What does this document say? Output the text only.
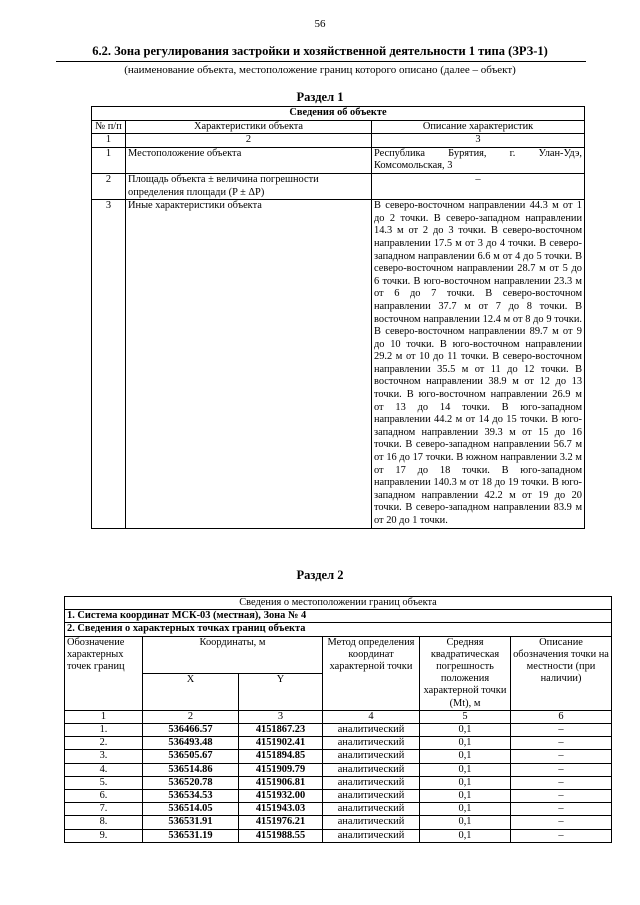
56
6.2. Зона регулирования застройки и хозяйственной деятельности 1 типа (ЗРЗ-1)
(наименование объекта, местоположение границ которого описано (далее – объект)
Раздел 1
Сведения об объекте		
№ п/п	Характеристики объекта	Описание характеристик
1	2	3
1	Местоположение объекта	Республика Бурятия, г. Улан-Удэ, Комсомольская, 3
2	Площадь объекта ± величина погрешности определения площади (P ± ΔP)	–
3	Иные характеристики объекта	В северо-восточном направлении 44.3 м от 1 до 2 точки. В северо-западном направлении 14.3 м от 2 до 3 точки. В северо-восточном направлении 17.5 м от 3 до 4 точки. В северо-западном направлении 6.6 м от 4 до 5 точки. В северо-восточном направлении 28.7 м от 5 до 6 точки. В юго-восточном направлении 23.3 м от 6 до 7 точки. В северо-восточном направлении 37.7 м от 7 до 8 точки. В восточном направлении 12.4 м от 8 до 9 точки. В северо-восточном направлении 89.7 м от 9 до 10 точки. В юго-восточном направлении 29.2 м от 10 до 11 точки. В северо-восточном направлении 35.5 м от 11 до 12 точки. В восточном направлении 38.9 м от 12 до 13 точки. В юго-восточном направлении 26.9 м от 13 до 14 точки. В юго-западном направлении 44.2 м от 14 до 15 точки. В юго-западном направлении 39.3 м от 15 до 16 точки. В северо-западном направлении 56.7 м от 16 до 17 точки. В южном направлении 3.2 м от 17 до 18 точки. В юго-западном направлении 140.3 м от 18 до 19 точки. В юго-западном направлении 42.2 м от 19 до 20 точки. В северо-западном направлении 83.9 м от 20 до 1 точки.
Раздел 2
Сведения о местоположении границ объекта					
1. Система координат МСК-03 (местная), Зона № 4					
2. Сведения о характерных точках границ объекта					
Обозначение характерных точек границ	Координаты, м		Метод определения координат характерной точки	Средняя квадратическая погрешность положения характерной точки (Mt), м	Описание обозначения точки на местности (при наличии)
	X	Y			
1	2	3	4	5	6
1.	536466.57	4151867.23	аналитический	0,1	–
2.	536493.48	4151902.41	аналитический	0,1	–
3.	536505.67	4151894.85	аналитический	0,1	–
4.	536514.86	4151909.79	аналитический	0,1	–
5.	536520.78	4151906.81	аналитический	0,1	–
6.	536534.53	4151932.00	аналитический	0,1	–
7.	536514.05	4151943.03	аналитический	0,1	–
8.	536531.91	4151976.21	аналитический	0,1	–
9.	536531.19	4151988.55	аналитический	0,1	–
